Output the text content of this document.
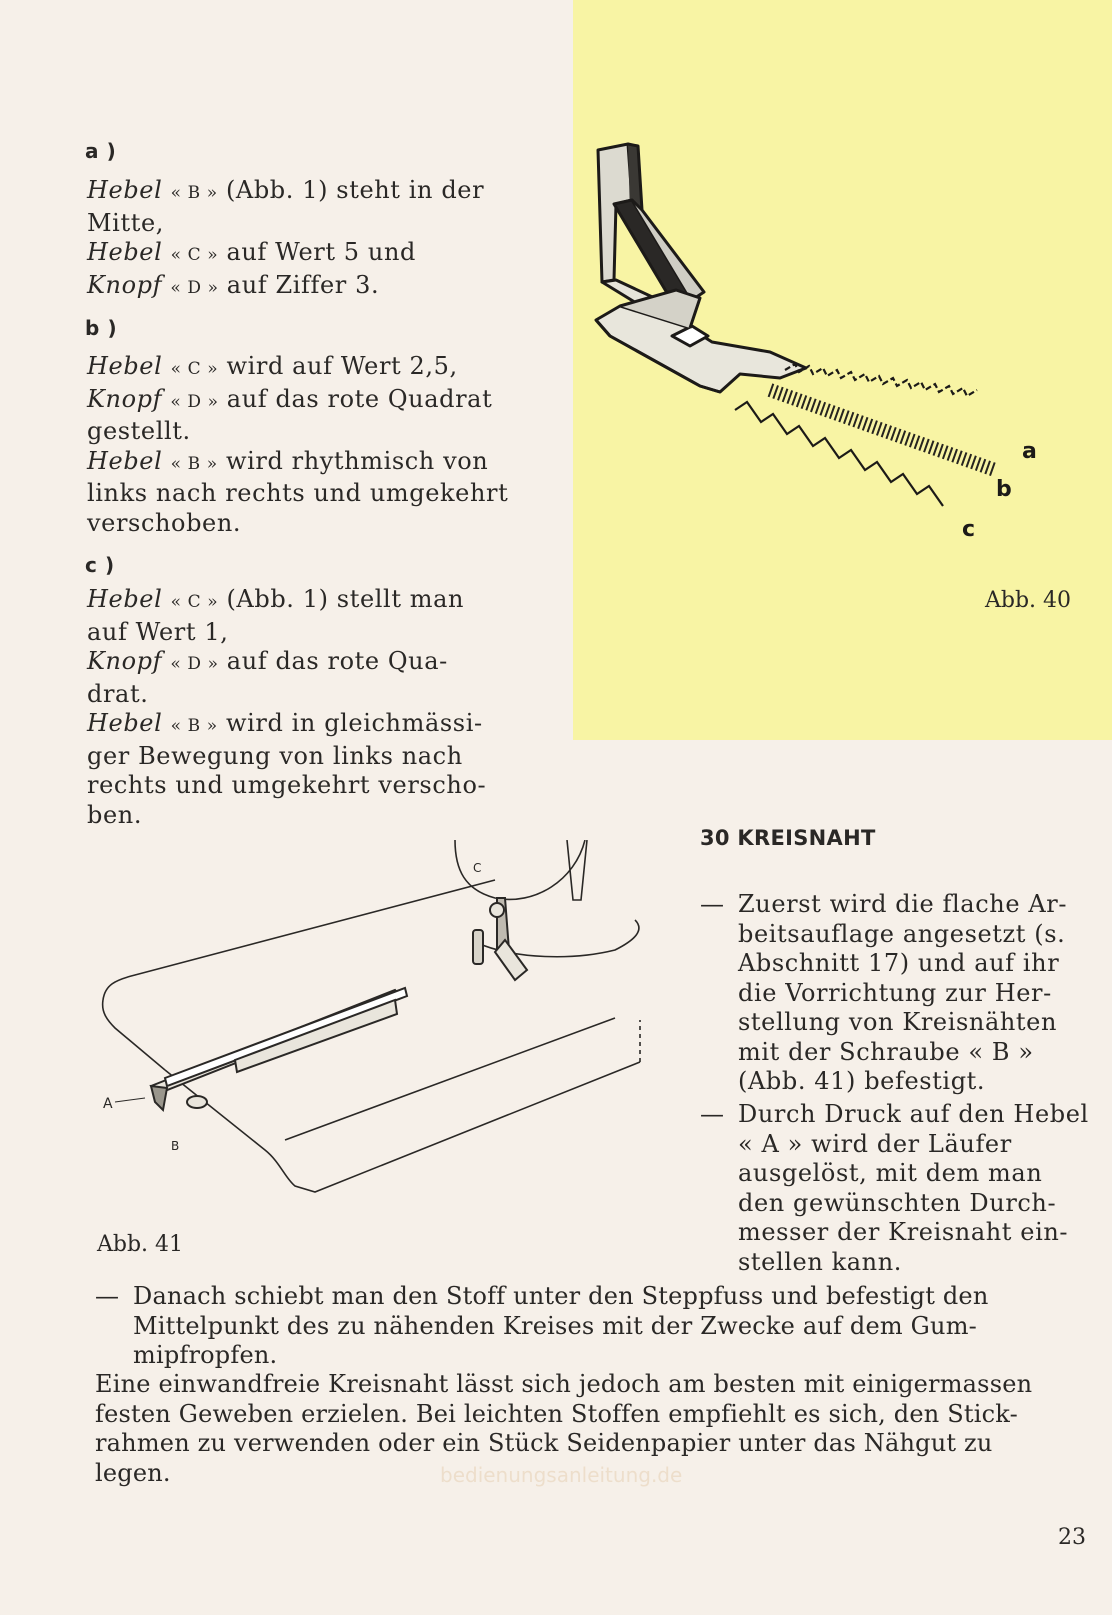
a )

Hebel « B » (Abb. 1) steht in der

Mitte,

Hebel « C » auf Wert 5 und

Knopf « D » auf Ziffer 3.

b )

Hebel « C » wird auf Wert 2,5,

Knopf « D » auf das rote Quadrat

gestellt.

Hebel « B » wird rhythmisch von

links nach rechts und umgekehrt

verschoben.

c )

Hebel « C » (Abb. 1) stellt man

auf Wert 1,

Knopf « D » auf das rote Qua-

drat.

Hebel « B » wird in gleichmässi-

ger Bewegung von links nach

rechts und umgekehrt verscho-

ben.

a
b
c
Abb. 40
A
B
C
Abb. 41
30 KREISNAHT
— Zuerst wird die flache Ar-

beitsauflage angesetzt (s.

Abschnitt 17) und auf ihr

die Vorrichtung zur Her-

stellung von Kreisnähten

mit der Schraube « B »

(Abb. 41) befestigt.

— Durch Druck auf den Hebel

« A » wird der Läufer

ausgelöst, mit dem man

den gewünschten Durch-

messer der Kreisnaht ein-

stellen kann.

— Danach schiebt man den Stoff unter den Steppfuss und befestigt den

Mittelpunkt des zu nähenden Kreises mit der Zwecke auf dem Gum-

mipfropfen.

Eine einwandfreie Kreisnaht lässt sich jedoch am besten mit einigermassen

festen Geweben erzielen. Bei leichten Stoffen empfiehlt es sich, den Stick-

rahmen zu verwenden oder ein Stück Seidenpapier unter das Nähgut zu

legen.	bedienungsanleitung.de
23
